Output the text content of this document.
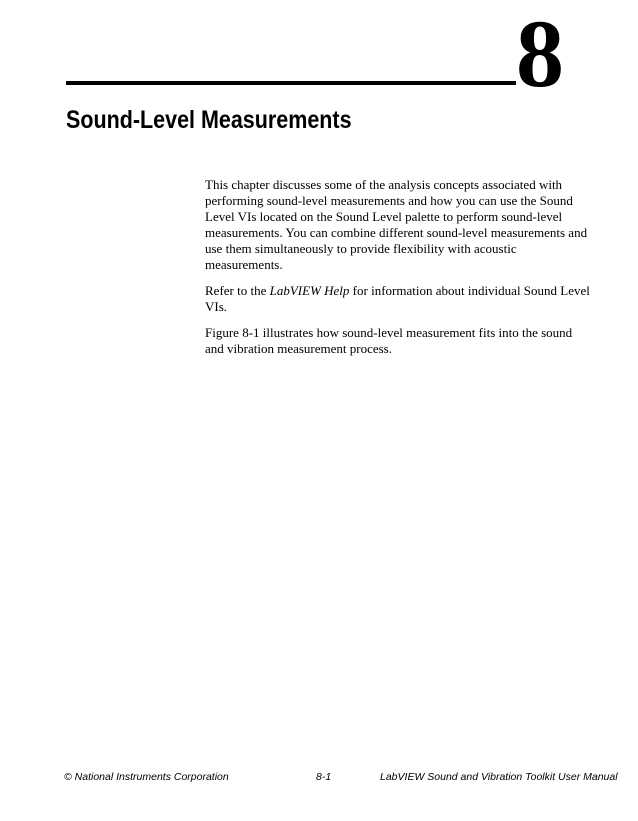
8
Sound-Level Measurements

This chapter discusses some of the analysis concepts associated with performing sound-level measurements and how you can use the Sound Level VIs located on the Sound Level palette to perform sound-level measurements. You can combine different sound-level measurements and use them simultaneously to provide flexibility with acoustic measurements.

Refer to the LabVIEW Help for information about individual Sound Level VIs.

Figure 8-1 illustrates how sound-level measurement fits into the sound and vibration measurement process.

© National Instruments Corporation	8-1	LabVIEW Sound and Vibration Toolkit User Manual
